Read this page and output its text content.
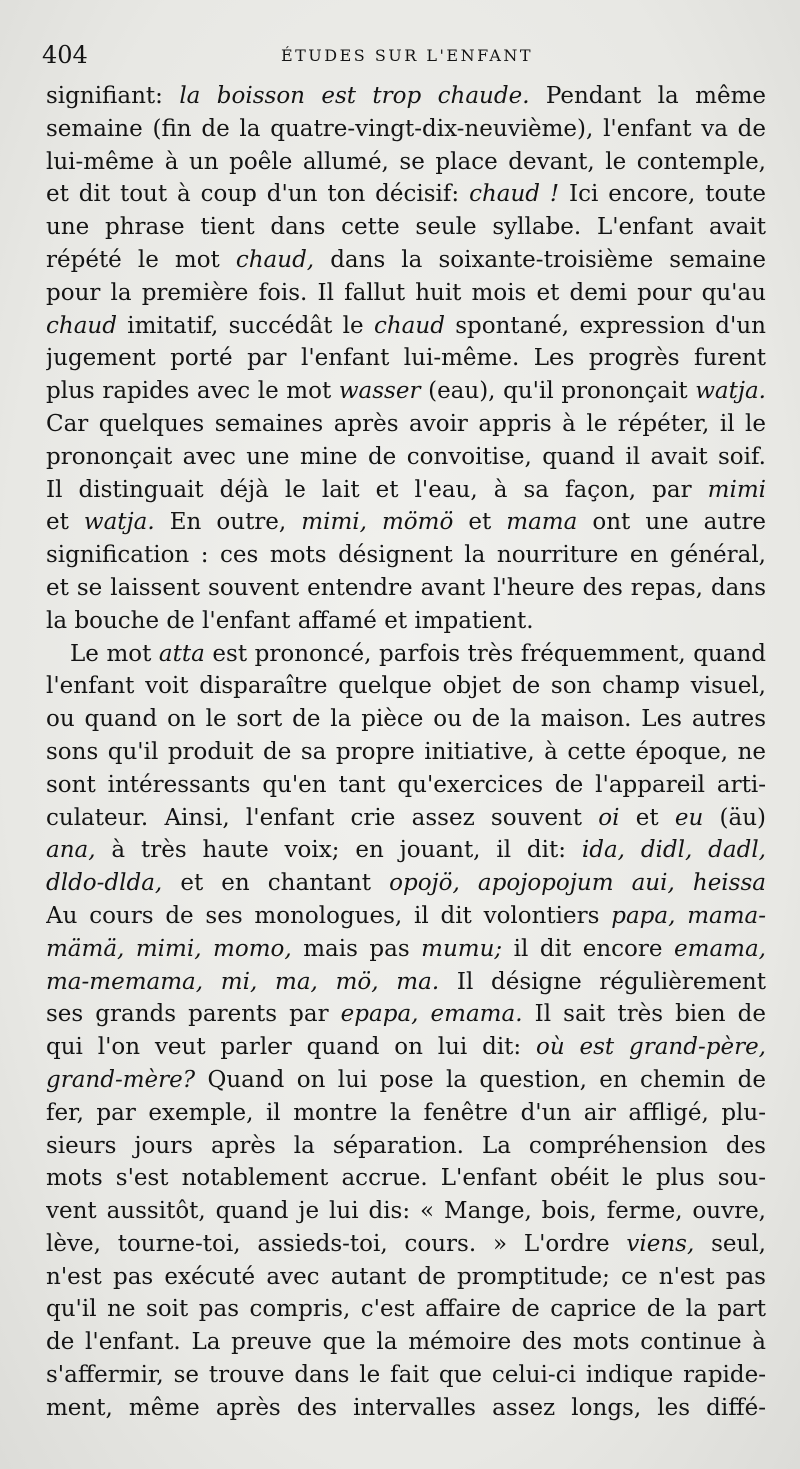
404	ÉTUDES SUR L'ENFANT
signifiant: la boisson est trop chaude. Pendant la même
semaine (fin de la quatre-vingt-dix-neuvième), l'enfant va de
lui-même à un poêle allumé, se place devant, le contemple,
et dit tout à coup d'un ton décisif: chaud ! Ici encore, toute
une phrase tient dans cette seule syllabe. L'enfant avait
répété le mot chaud, dans la soixante-troisième semaine
pour la première fois. Il fallut huit mois et demi pour qu'au
chaud imitatif, succédât le chaud spontané, expression d'un
jugement porté par l'enfant lui-même. Les progrès furent
plus rapides avec le mot wasser (eau), qu'il prononçait watja.
Car quelques semaines après avoir appris à le répéter, il le
prononçait avec une mine de convoitise, quand il avait soif.
Il distinguait déjà le lait et l'eau, à sa façon, par mimi
et watja. En outre, mimi, mömö et mama ont une autre
signification : ces mots désignent la nourriture en général,
et se laissent souvent entendre avant l'heure des repas, dans
la bouche de l'enfant affamé et impatient.
Le mot atta est prononcé, parfois très fréquemment, quand
l'enfant voit disparaître quelque objet de son champ visuel,
ou quand on le sort de la pièce ou de la maison. Les autres
sons qu'il produit de sa propre initiative, à cette époque, ne
sont intéressants qu'en tant qu'exercices de l'appareil arti-
culateur. Ainsi, l'enfant crie assez souvent oi et eu (äu)
ana, à très haute voix; en jouant, il dit: ida, didl, dadl,
dldo-dlda, et en chantant opojö, apojopojum aui, heissa
Au cours de ses monologues, il dit volontiers papa, mama-
mämä, mimi, momo, mais pas mumu; il dit encore emama,
ma-memama, mi, ma, mö, ma. Il désigne régulièrement
ses grands parents par epapa, emama. Il sait très bien de
qui l'on veut parler quand on lui dit: où est grand-père,
grand-mère? Quand on lui pose la question, en chemin de
fer, par exemple, il montre la fenêtre d'un air affligé, plu-
sieurs jours après la séparation. La compréhension des
mots s'est notablement accrue. L'enfant obéit le plus sou-
vent aussitôt, quand je lui dis: « Mange, bois, ferme, ouvre,
lève, tourne-toi, assieds-toi, cours. » L'ordre viens, seul,
n'est pas exécuté avec autant de promptitude; ce n'est pas
qu'il ne soit pas compris, c'est affaire de caprice de la part
de l'enfant. La preuve que la mémoire des mots continue à
s'affermir, se trouve dans le fait que celui-ci indique rapide-
ment, même après des intervalles assez longs, les diffé-
